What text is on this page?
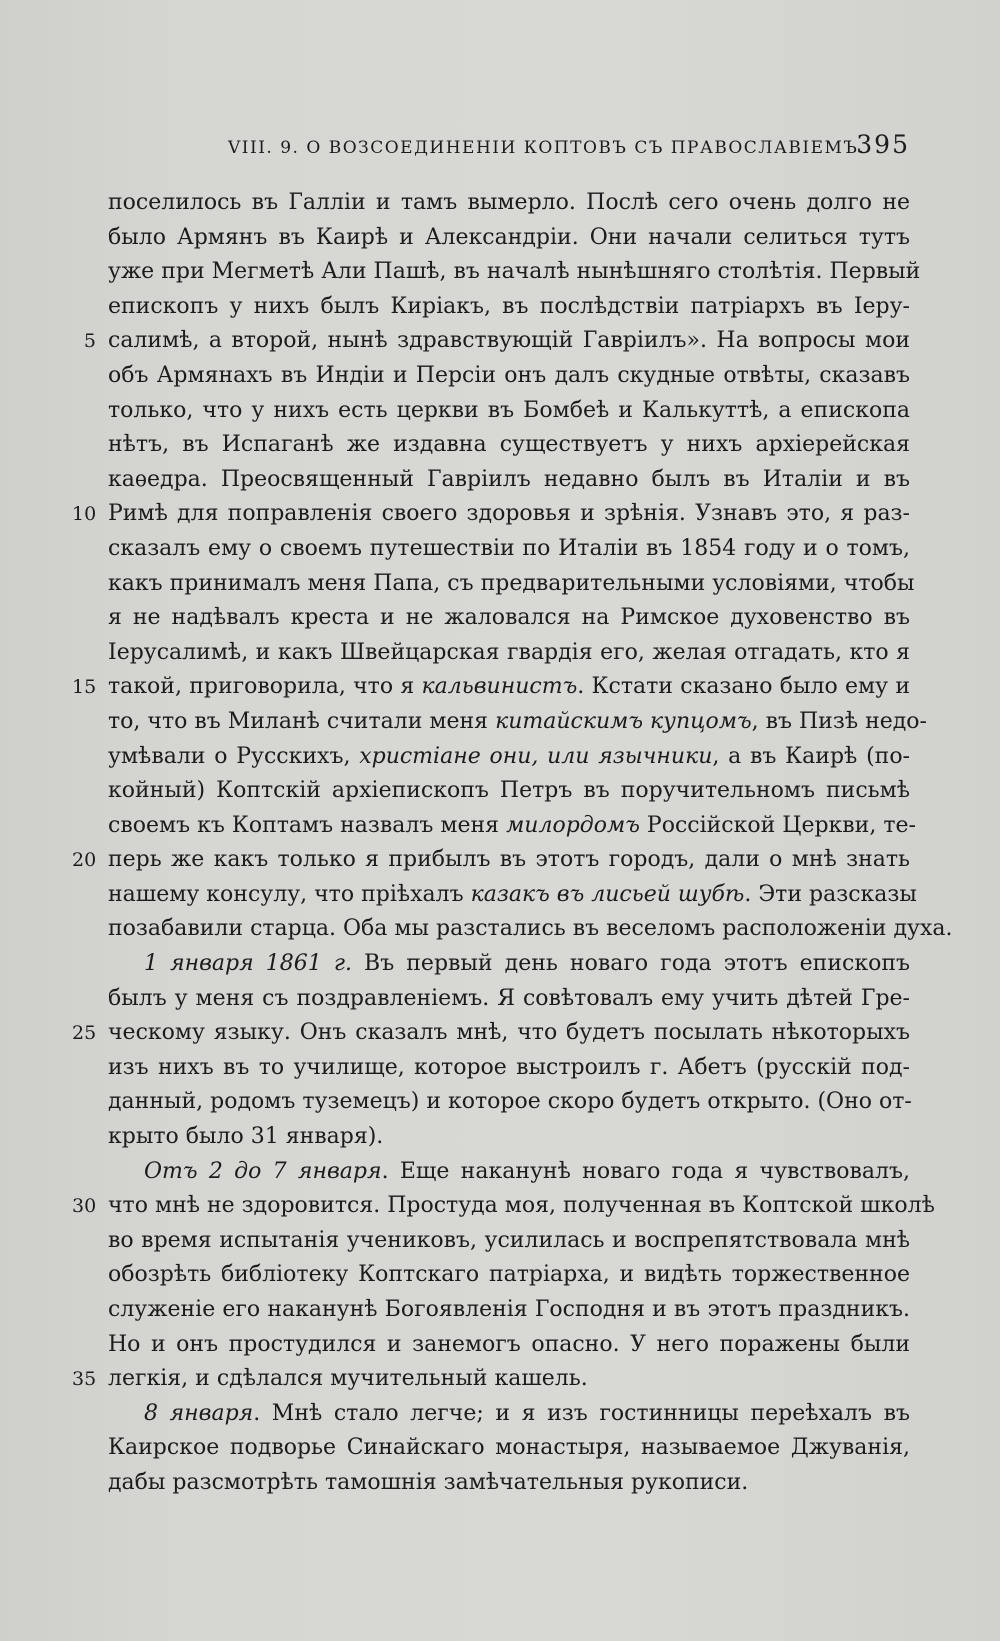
VIII. 9. О ВОЗСОЕДИНЕНІИ КОПТОВЪ СЪ ПРАВОСЛАВІЕМЪ.
395
поселилось въ Галліи и тамъ вымерло. Послѣ сего очень долго не
было Армянъ въ Каирѣ и Александріи. Они начали селиться тутъ
уже при Мегметѣ Али Пашѣ, въ началѣ нынѣшняго столѣтія. Первый
епископъ у нихъ былъ Киріакъ, въ послѣдствіи патріархъ въ Іеру-
5 салимѣ, а второй, нынѣ здравствующій Гавріилъ». На вопросы мои
объ Армянахъ въ Индіи и Персіи онъ далъ скудные отвѣты, сказавъ
только, что у нихъ есть церкви въ Бомбеѣ и Калькуттѣ, а епископа
нѣтъ, въ Испаганѣ же издавна существуетъ у нихъ архіерейская
каѳедра. Преосвященный Гавріилъ недавно былъ въ Италіи и въ
10 Римѣ для поправленія своего здоровья и зрѣнія. Узнавъ это, я раз-
сказалъ ему о своемъ путешествіи по Италіи въ 1854 году и о томъ,
какъ принималъ меня Папа, съ предварительными условіями, чтобы
я не надѣвалъ креста и не жаловался на Римское духовенство въ
Іерусалимѣ, и какъ Швейцарская гвардія его, желая отгадать, кто я
15 такой, приговорила, что я кальвинистъ. Кстати сказано было ему и
то, что въ Миланѣ считали меня китайскимъ купцомъ, въ Пизѣ недо-
умѣвали о Русскихъ, христiане они, или язычники, а въ Каирѣ (по-
койный) Коптскій архіепископъ Петръ въ поручительномъ письмѣ
своемъ къ Коптамъ назвалъ меня милордомъ Россійской Церкви, те-
20 перь же какъ только я прибылъ въ этотъ городъ, дали о мнѣ знать
нашему консулу, что пріѣхалъ казакъ въ лисьей шубѣ. Эти разсказы
позабавили старца. Оба мы разстались въ веселомъ расположеніи духа.
1 января 1861 г. Въ первый день новаго года этотъ епископъ
былъ у меня съ поздравленіемъ. Я совѣтовалъ ему учить дѣтей Гре-
25 ческому языку. Онъ сказалъ мнѣ, что будетъ посылать нѣкоторыхъ
изъ нихъ въ то училище, которое выстроилъ г. Абетъ (русскій под-
данный, родомъ туземецъ) и которое скоро будетъ открыто. (Оно от-
крыто было 31 января).
Отъ 2 до 7 января. Еще наканунѣ новаго года я чувствовалъ,
30 что мнѣ не здоровится. Простуда моя, полученная въ Коптской школѣ
во время испытанія учениковъ, усилилась и воспрепятствовала мнѣ
обозрѣть библіотеку Коптскаго патріарха, и видѣть торжественное
служеніе его наканунѣ Богоявленія Господня и въ этотъ праздникъ.
Но и онъ простудился и занемогъ опасно. У него поражены были
35 легкія, и сдѣлался мучительный кашель.
8 января. Мнѣ стало легче; и я изъ гостинницы переѣхалъ въ
Каирское подворье Синайскаго монастыря, называемое Джуванія,
дабы разсмотрѣть тамошнія замѣчательныя рукописи.
